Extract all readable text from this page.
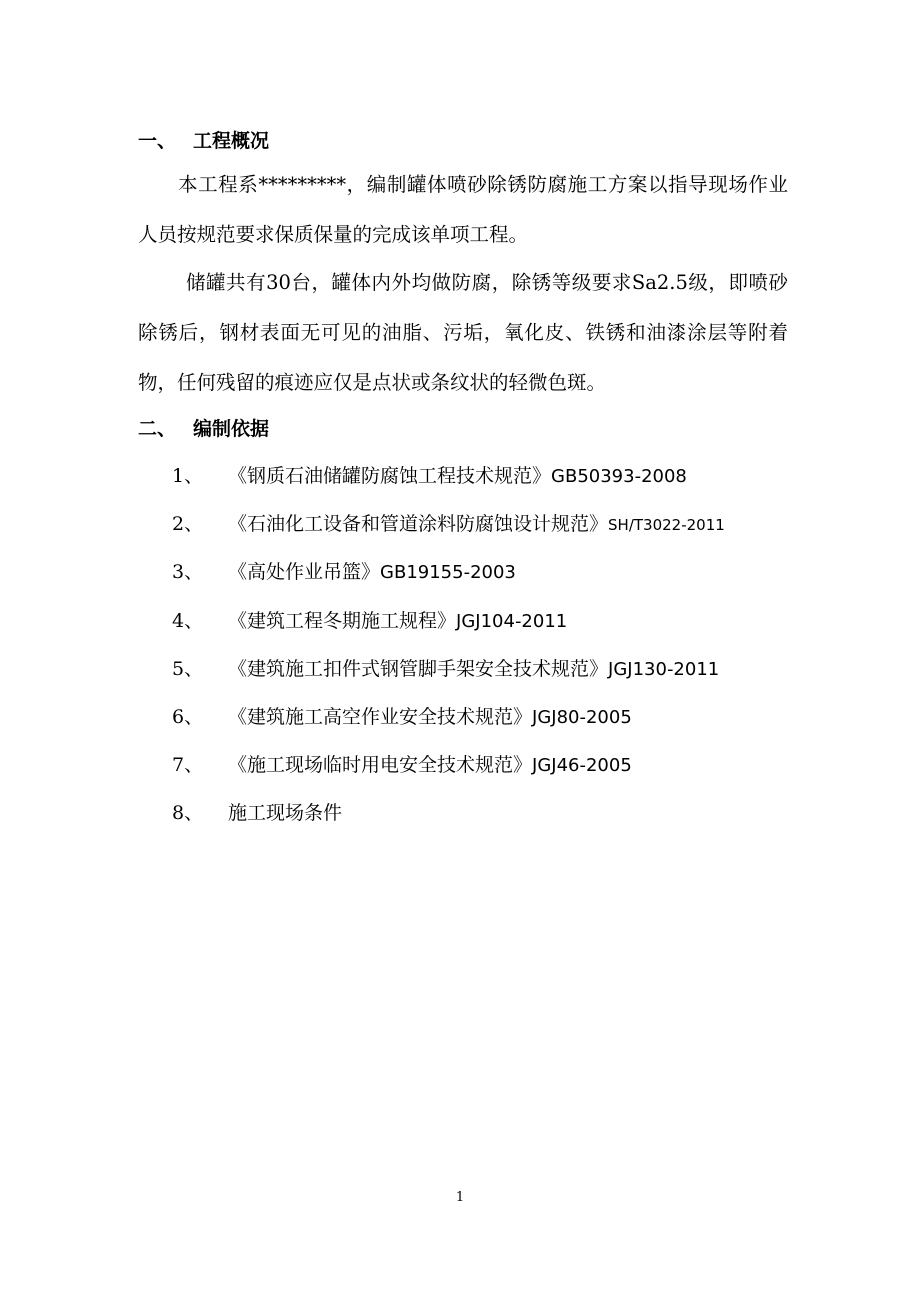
一、 工程概况
本工程系*********，编制罐体喷砂除锈防腐施工方案以指导现场作业人员按规范要求保质保量的完成该单项工程。
储罐共有30台，罐体内外均做防腐，除锈等级要求Sa2.5级，即喷砂除锈后，钢材表面无可见的油脂、污垢，氧化皮、铁锈和油漆涂层等附着物，任何残留的痕迹应仅是点状或条纹状的轻微色斑。
二、 编制依据
1、 《钢质石油储罐防腐蚀工程技术规范》GB50393-2008
2、 《石油化工设备和管道涂料防腐蚀设计规范》SH/T3022-2011
3、 《高处作业吊篮》GB19155-2003
4、 《建筑工程冬期施工规程》JGJ104-2011
5、 《建筑施工扣件式钢管脚手架安全技术规范》JGJ130-2011
6、 《建筑施工高空作业安全技术规范》JGJ80-2005
7、 《施工现场临时用电安全技术规范》JGJ46-2005
8、 施工现场条件
1
